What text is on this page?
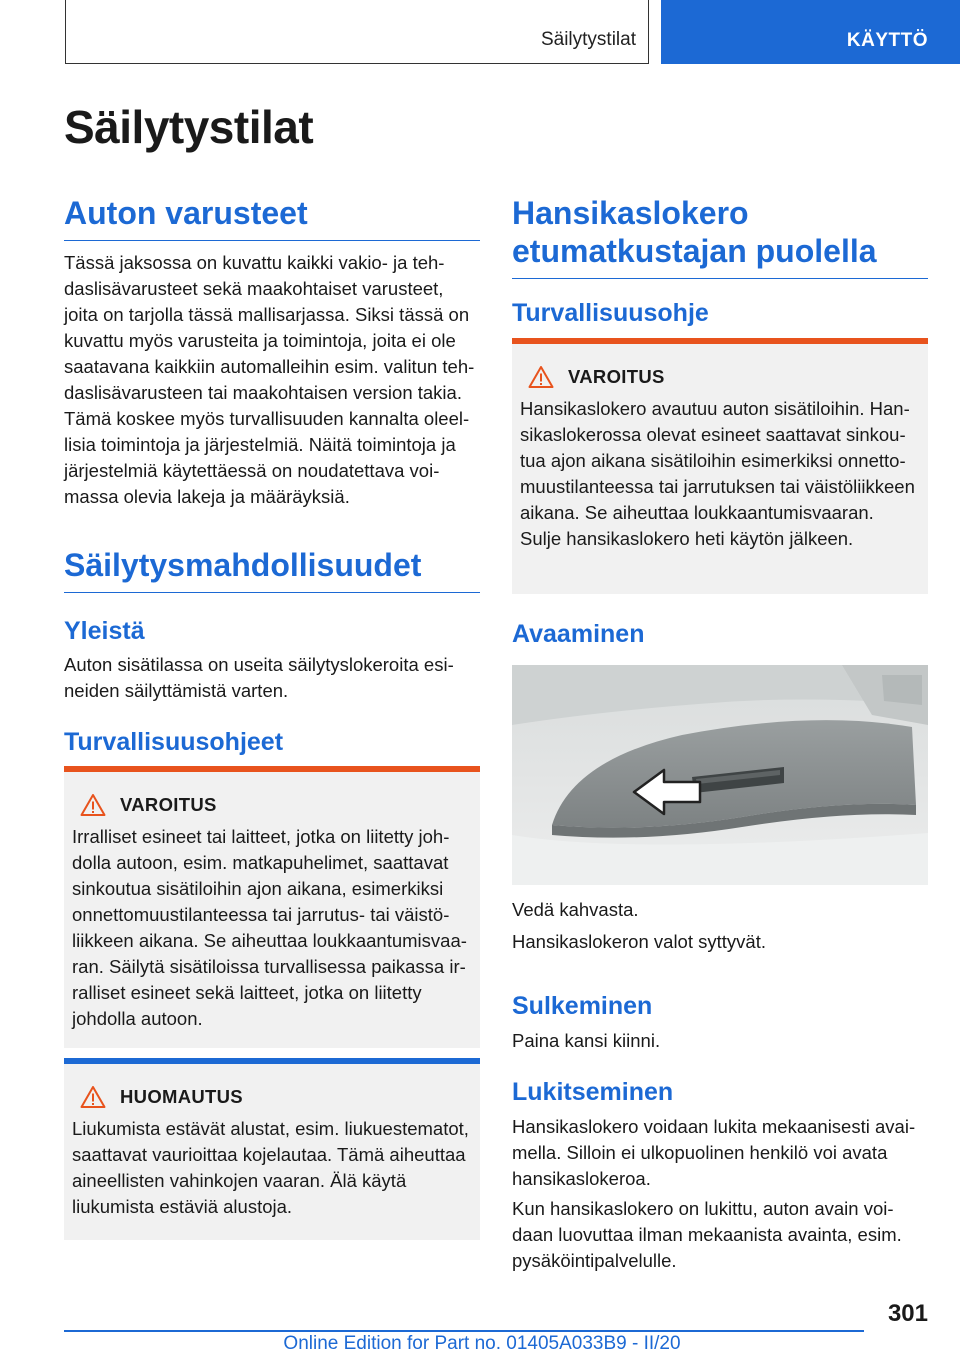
Säilytystilat	KÄYTTÖ
Säilytystilat
Auton varusteet

Tässä jaksossa on kuvattu kaikki vakio- ja tehdaslisävarusteet sekä maakohtaiset varusteet, joita on tarjolla tässä mallisarjassa. Siksi tässä on kuvattu myös varusteita ja toimintoja, joita ei ole saatavana kaikkiin automalleihin esim. valitun tehdaslisävarusteen tai maakohtaisen version takia. Tämä koskee myös turvallisuuden kannalta oleellisia toimintoja ja järjestelmiä. Näitä toimintoja ja järjestelmiä käytettäessä on noudatettava voimassa olevia lakeja ja määräyksiä.

Säilytysmahdollisuudet
Yleistä

Auton sisätilassa on useita säilytyslokeroita esineiden säilyttämistä varten.

Turvallisuusohjeet
VAROITUS

Irralliset esineet tai laitteet, jotka on liitetty johdolla autoon, esim. matkapuhelimet, saattavat sinkoutua sisätiloihin ajon aikana, esimerkiksi onnettomuustilanteessa tai jarrutus- tai väistöliikkeen aikana. Se aiheuttaa loukkaantumisvaaran. Säilytä sisätiloissa turvallisessa paikassa irralliset esineet sekä laitteet, jotka on liitetty johdolla autoon.

HUOMAUTUS

Liukumista estävät alustat, esim. liukuestematot, saattavat vaurioittaa kojelautaa. Tämä aiheuttaa aineellisten vahinkojen vaaran. Älä käytä liukumista estäviä alustoja.

Hansikaslokero etumatkustajan puolella
Turvallisuusohje
VAROITUS

Hansikaslokero avautuu auton sisätiloihin. Hansikaslokerossa olevat esineet saattavat sinkoutua ajon aikana sisätiloihin esimerkiksi onnettomuustilanteessa tai jarrutuksen tai väistöliikkeen aikana. Se aiheuttaa loukkaantumisvaaran. Sulje hansikaslokero heti käytön jälkeen.

Avaaminen

Vedä kahvasta.

Hansikaslokeron valot syttyvät.

Sulkeminen

Paina kansi kiinni.

Lukitseminen

Hansikaslokero voidaan lukita mekaanisesti avaimella. Silloin ei ulkopuolinen henkilö voi avata hansikaslokeroa.

Kun hansikaslokero on lukittu, auton avain voidaan luovuttaa ilman mekaanista avainta, esim. pysäköintipalvelulle.

301
Online Edition for Part no. 01405A033B9 - II/20
